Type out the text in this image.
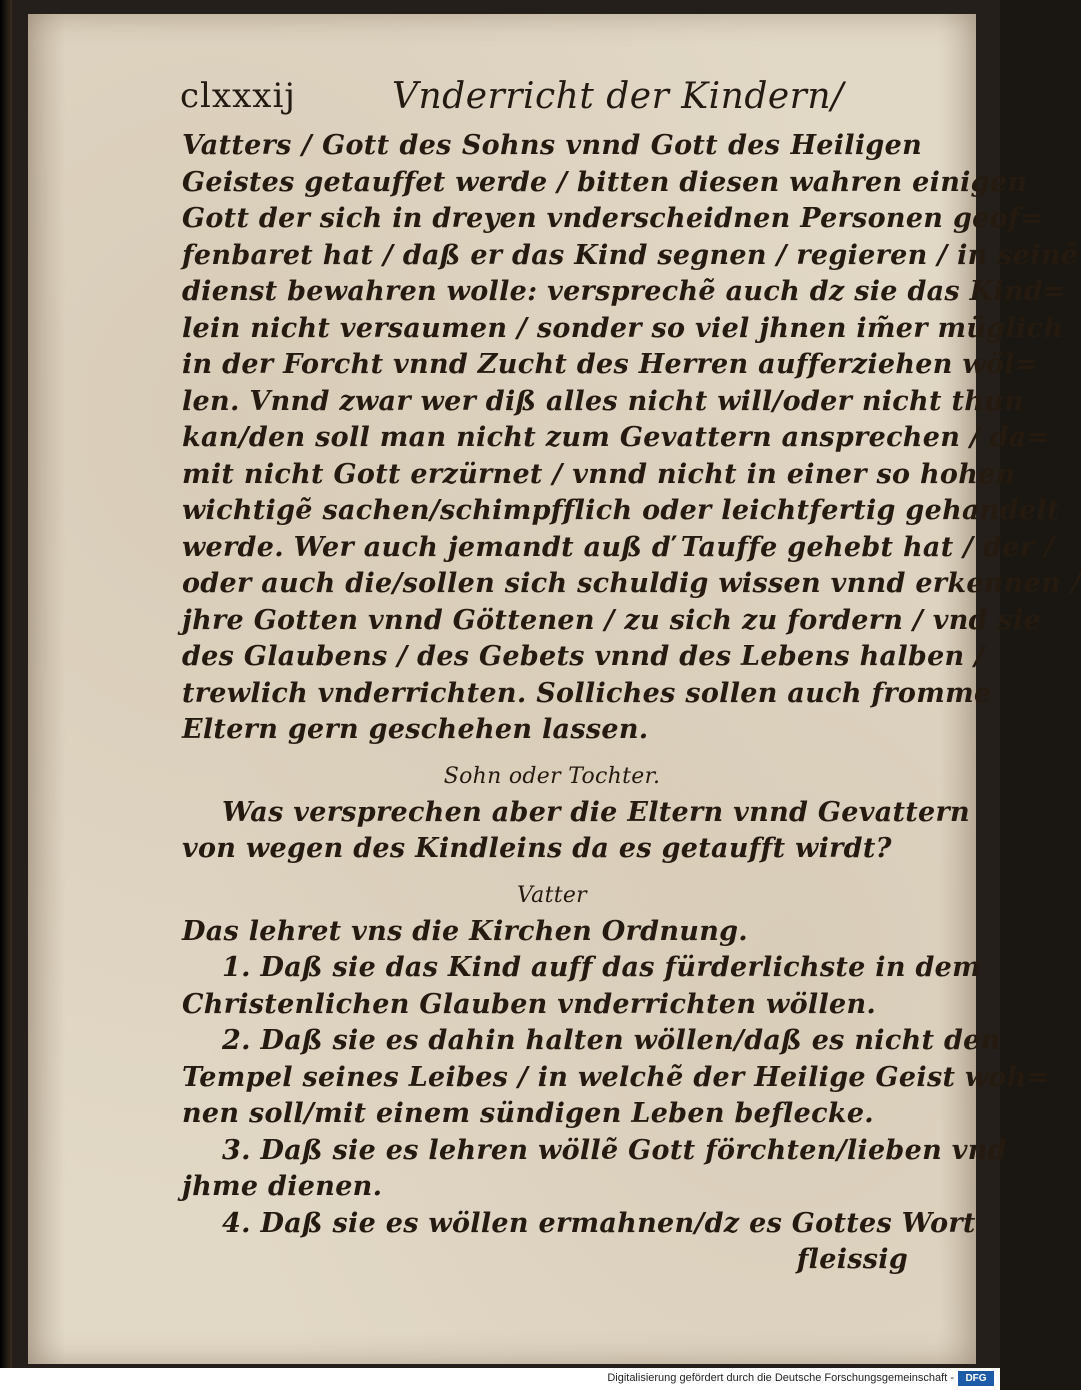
clxxxij	Vnderricht der Kindern/
Vatters / Gott des Sohns vnnd Gott des Heiligen
Geistes getauffet werde / bitten diesen wahren einigen
Gott der sich in dreyen vnderscheidnen Personen geof=
fenbaret hat / daß er das Kind segnen / regieren / in seinẽ
dienst bewahren wolle: versprechẽ auch dz sie das Kind=
lein nicht versaumen / sonder so viel jhnen im̃er müglich
in der Forcht vnnd Zucht des Herren aufferziehen wöl=
len. Vnnd zwar wer diß alles nicht will/oder nicht thun
kan/den soll man nicht zum Gevattern ansprechen / da=
mit nicht Gott erzürnet / vnnd nicht in einer so hohen
wichtigẽ sachen/schimpfflich oder leichtfertig gehandelt
werde. Wer auch jemandt auß ď Tauffe gehebt hat / der /
oder auch die/sollen sich schuldig wissen vnnd erkennen /
jhre Gotten vnnd Göttenen / zu sich zu fordern / vnd sie
des Glaubens / des Gebets vnnd des Lebens halben /
trewlich vnderrichten. Solliches sollen auch fromme
Eltern gern geschehen lassen.
Sohn oder Tochter.
Was versprechen aber die Eltern vnnd Gevattern
von wegen des Kindleins da es getaufft wirdt?
Vatter
Das lehret vns die Kirchen Ordnung.
1. Daß sie das Kind auff das fürderlichste in dem
Christenlichen Glauben vnderrichten wöllen.
2. Daß sie es dahin halten wöllen/daß es nicht den
Tempel seines Leibes / in welchẽ der Heilige Geist woh=
nen soll/mit einem sündigen Leben beflecke.
3. Daß sie es lehren wöllẽ Gott förchten/lieben vnd
jhme dienen.
4. Daß sie es wöllen ermahnen/dz es Gottes Wort
fleissig
Digitalisierung gefördert durch die Deutsche Forschungsgemeinschaft -	DFG
